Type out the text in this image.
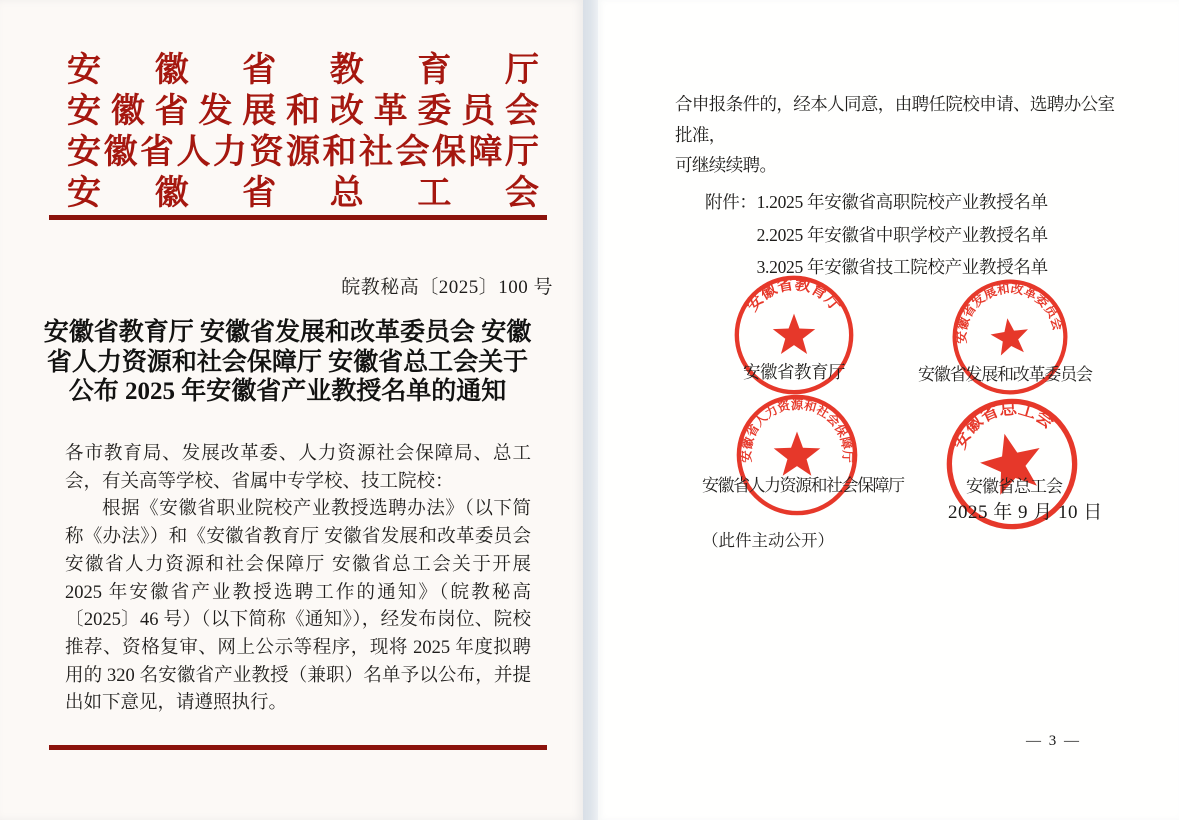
安 徽 省 教 育 厅
安 徽 省 发 展 和 改 革 委 员 会
安 徽 省 人 力 资 源 和 社 会 保 障 厅
安 徽 省 总 工 会
皖教秘高〔2025〕100 号
安徽省教育厅 安徽省发展和改革委员会 安徽
省人力资源和社会保障厅 安徽省总工会关于
公布 2025 年安徽省产业教授名单的通知

各市教育局、发展改革委、人力资源社会保障局、总工会，有关高等学校、省属中专学校、技工院校：

根据《安徽省职业院校产业教授选聘办法》（以下简称《办法》）和《安徽省教育厅 安徽省发展和改革委员会 安徽省人力资源和社会保障厅 安徽省总工会关于开展 2025 年安徽省产业教授选聘工作的通知》（皖教秘高〔2025〕46 号）（以下简称《通知》），经发布岗位、院校推荐、资格复审、网上公示等程序，现将 2025 年度拟聘用的 320 名安徽省产业教授（兼职）名单予以公布，并提出如下意见，请遵照执行。

合申报条件的，经本人同意，由聘任院校申请、选聘办公室批准，
可继续续聘。
附件： 1.2025 年安徽省高职院校产业教授名单
2.2025 年安徽省中职学校产业教授名单
3.2025 年安徽省技工院校产业教授名单
安徽省教育厅
安徽省发展和改革委员会
安徽省人力资源和社会保障厅
安徽省总工会
安徽省教育厅	安徽省发展和改革委员会
安徽省人力资源和社会保障厅	安徽省总工会
2025 年 9 月 10 日
（此件主动公开）
— 3 —
